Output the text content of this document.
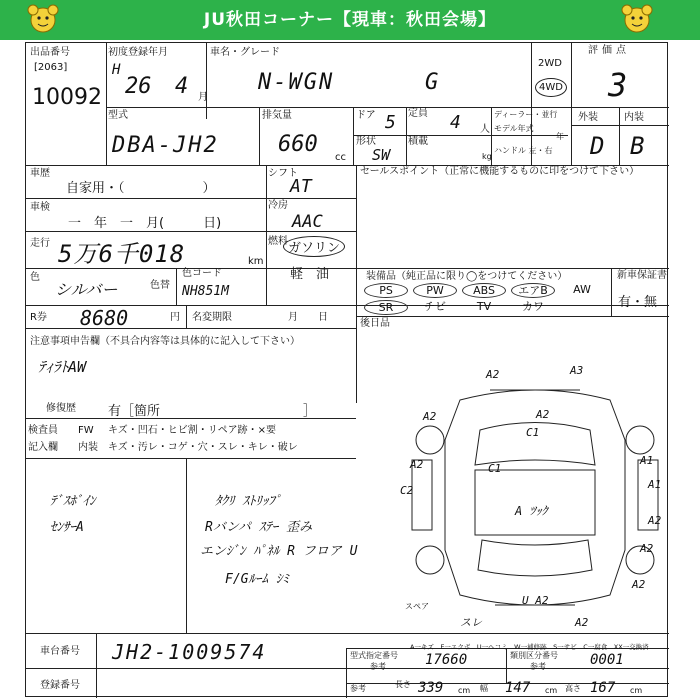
JU秋田コーナー【現車：秋田会場】
出品番号
[2063]
10092
初度登録年月
H
26 4 月
車名・グレード
N-WGN	G
2WD
4WD
評価点
3
外装	内装
D B
型式
DBA-JH2
排気量
660
cc
ドア 5 定員 4 人
ディーラー・並行
モデル年式
年
ハンドル 左・右
形状
SW
積載
kg
車歴
自家用・（　　　　　　）
シフト
AT
セールスポイント（正常に機能するものに印をつけて下さい）
車検
一　年　一　月(　　　日)
冷房
AAC
走行 5万6千018	km
燃料 ガソリン
軽　油
色
シルバー	色替
色コード
NH851M
装備品（純正品に限り◯をつけてください）	新車保証書
有・無
PS	PW	ABS	エアB	AW
SR	チビ	TV	カワ
R券 8680	円 名変期限	月　　日
後日品
注意事項申告欄（不具合内容等は具体的に記入して下さい）
ﾃｨﾗﾄAW
修復歴 有［箇所　　　　　　　　　　　］
検査員
記入欄
FW キズ・凹石・ヒビ割・リペア跡・×要
内装 キズ・汚レ・コゲ・穴・スレ・キレ・破レ
ﾃﾞｽﾎﾞｲﾝ
ｾﾝｻｰA
ﾀｸﾘ ｽﾄﾘｯﾌﾟ
Rバンパ ｽﾃｰ 歪み
エンｼﾞﾝ ﾊﾟﾈﾙ R フロア U
F/Gﾙｰﾑ ｼﾐ
A2	A3
A2	A2
C1
C1
A2
C2
A1
A1
A ﾂｯｸ
A2
A2
A2
U A2
スレ	A2
スペア
A一キズ　E一エクボ　U一ヘコミ　W一補修跡　S一サビ　C一腐食　XX一交換済
車台番号 JH2-1009574
登録番号
型式指定番号
参考	17660	類別区分番号
参考	0001
参考	長さ 339 cm 幅 147 cm 高さ 167 cm
